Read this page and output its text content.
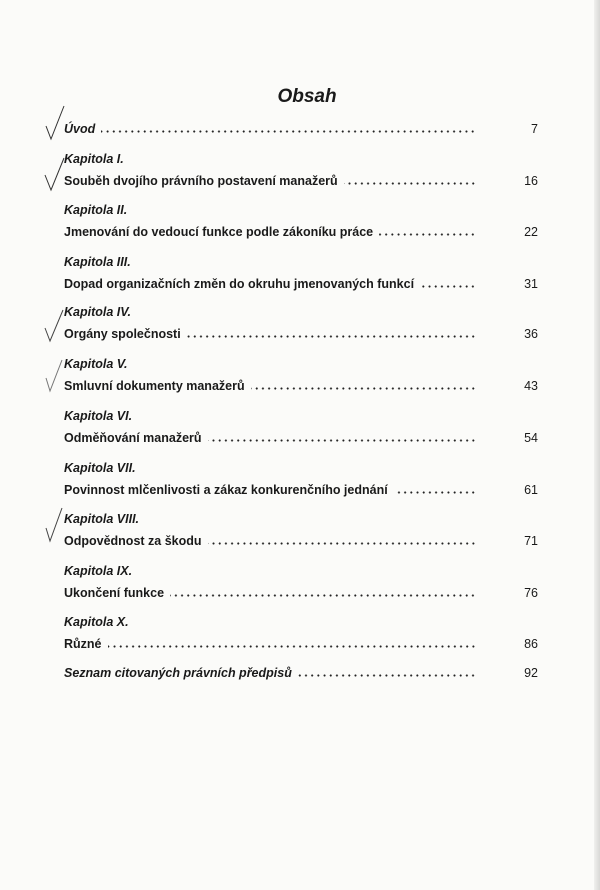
Obsah
Úvod	7
Kapitola I.
Souběh dvojího právního postavení manažerů	16
Kapitola II.
Jmenování do vedoucí funkce podle zákoníku práce	22
Kapitola III.
Dopad organizačních změn do okruhu jmenovaných funkcí	31
Kapitola IV.
Orgány společnosti	36
Kapitola V.
Smluvní dokumenty manažerů	43
Kapitola VI.
Odměňování manažerů	54
Kapitola VII.
Povinnost mlčenlivosti a zákaz konkurenčního jednání	61
Kapitola VIII.
Odpovědnost za škodu	71
Kapitola IX.
Ukončení funkce	76
Kapitola X.
Různé	86
Seznam citovaných právních předpisů	92
